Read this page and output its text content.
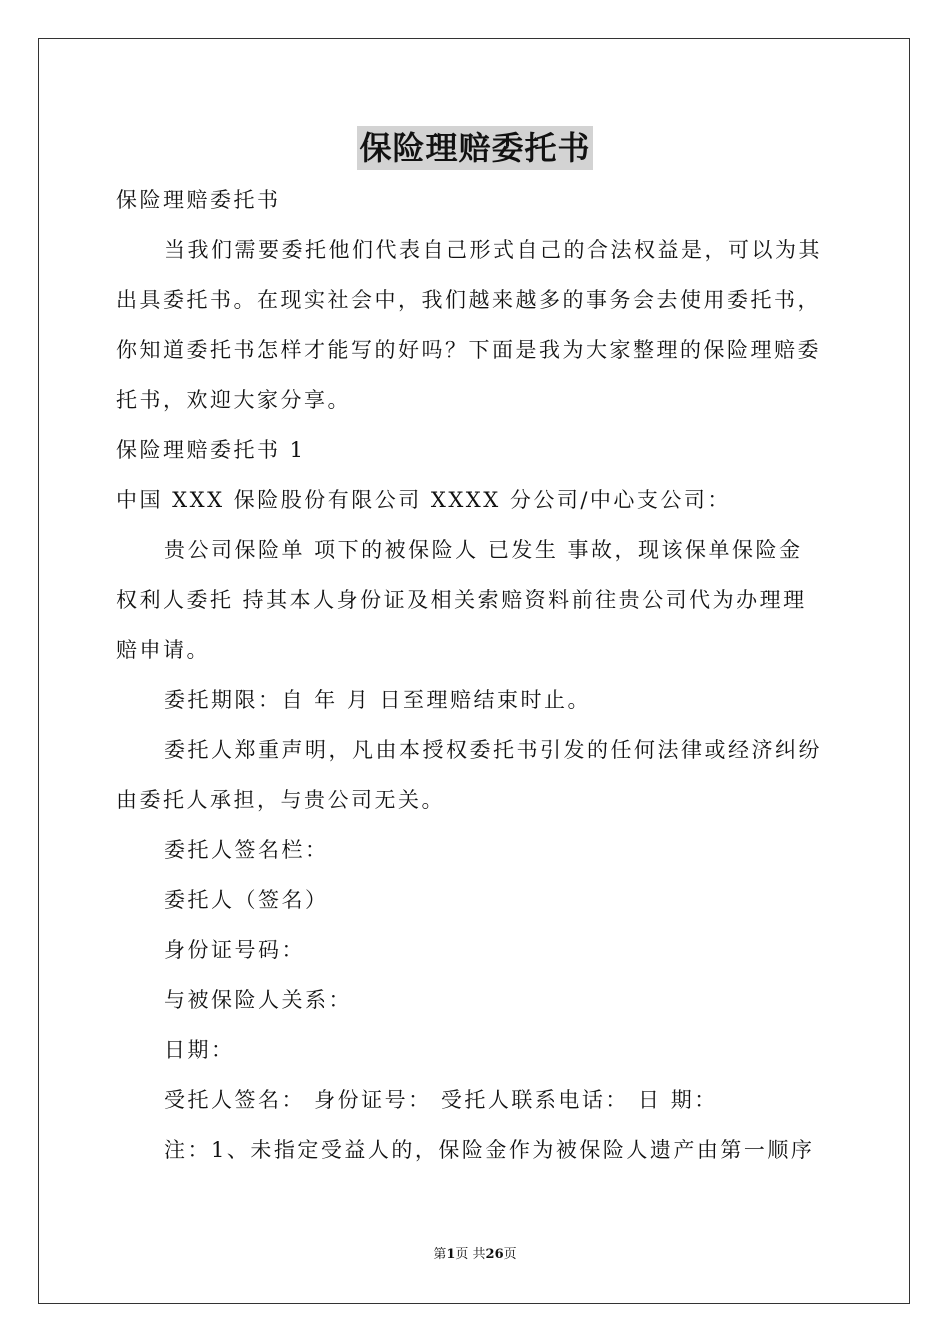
保险理赔委托书
保险理赔委托书
当我们需要委托他们代表自己形式自己的合法权益是，可以为其
出具委托书。在现实社会中，我们越来越多的事务会去使用委托书，
你知道委托书怎样才能写的好吗？下面是我为大家整理的保险理赔委
托书，欢迎大家分享。
保险理赔委托书 1
中国 XXX 保险股份有限公司 XXXX 分公司/中心支公司：
贵公司保险单 项下的被保险人 已发生 事故，现该保单保险金
权利人委托 持其本人身份证及相关索赔资料前往贵公司代为办理理
赔申请。
委托期限：自 年 月 日至理赔结束时止。
委托人郑重声明，凡由本授权委托书引发的任何法律或经济纠纷
由委托人承担，与贵公司无关。
委托人签名栏：
委托人（签名）
身份证号码：
与被保险人关系：
日期：
受托人签名： 身份证号： 受托人联系电话： 日 期：
注：1、未指定受益人的，保险金作为被保险人遗产由第一顺序
第1页 共26页
